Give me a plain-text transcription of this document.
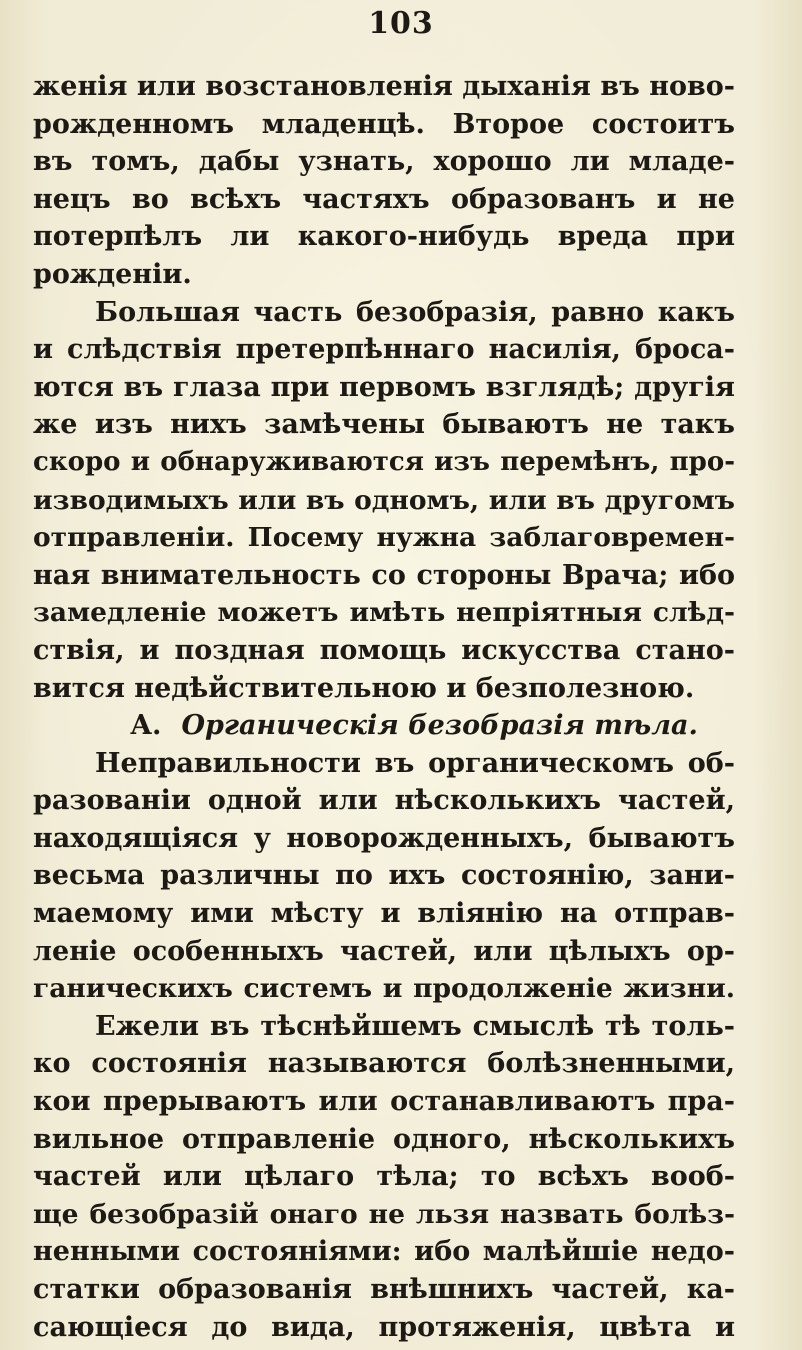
103
женія или возстановленія дыханія въ ново-
рожденномъ младенцѣ. Второе состоитъ
въ томъ, дабы узнать, хорошо ли младе-
нецъ во всѣхъ частяхъ образованъ и не
потерпѣлъ ли какого-нибудь вреда при
рожденіи.
Большая часть безобразія, равно какъ
и слѣдствія претерпѣннаго насилія, броса-
ются въ глаза при первомъ взглядѣ; другія
же изъ нихъ замѣчены бываютъ не такъ
скоро и обнаруживаются изъ перемѣнъ, про-
изводимыхъ или въ одномъ, или въ другомъ
отправленіи. Посему нужна заблаговремен-
ная внимательность со стороны Врача; ибо
замедленіе можетъ имѣть непріятныя слѣд-
ствія, и поздная помощь искусства стано-
вится недѣйствительною и безполезною.
А. Органическія безобразія тѣла.
Неправильности въ органическомъ об-
разованіи одной или нѣсколькихъ частей,
находящіяся у новорожденныхъ, бываютъ
весьма различны по ихъ состоянію, зани-
маемому ими мѣсту и вліянію на отправ-
леніе особенныхъ частей, или цѣлыхъ ор-
ганическихъ системъ и продолженіе жизни.
Ежели въ тѣснѣйшемъ смыслѣ тѣ толь-
ко состоянія называются болѣзненными,
кои прерываютъ или останавливаютъ пра-
вильное отправленіе одного, нѣсколькихъ
частей или цѣлаго тѣла; то всѣхъ вооб-
ще безобразій онаго не льзя назвать болѣз-
ненными состояніями: ибо малѣйшіе недо-
статки образованія внѣшнихъ частей, ка-
сающіеся до вида, протяженія, цвѣта и
